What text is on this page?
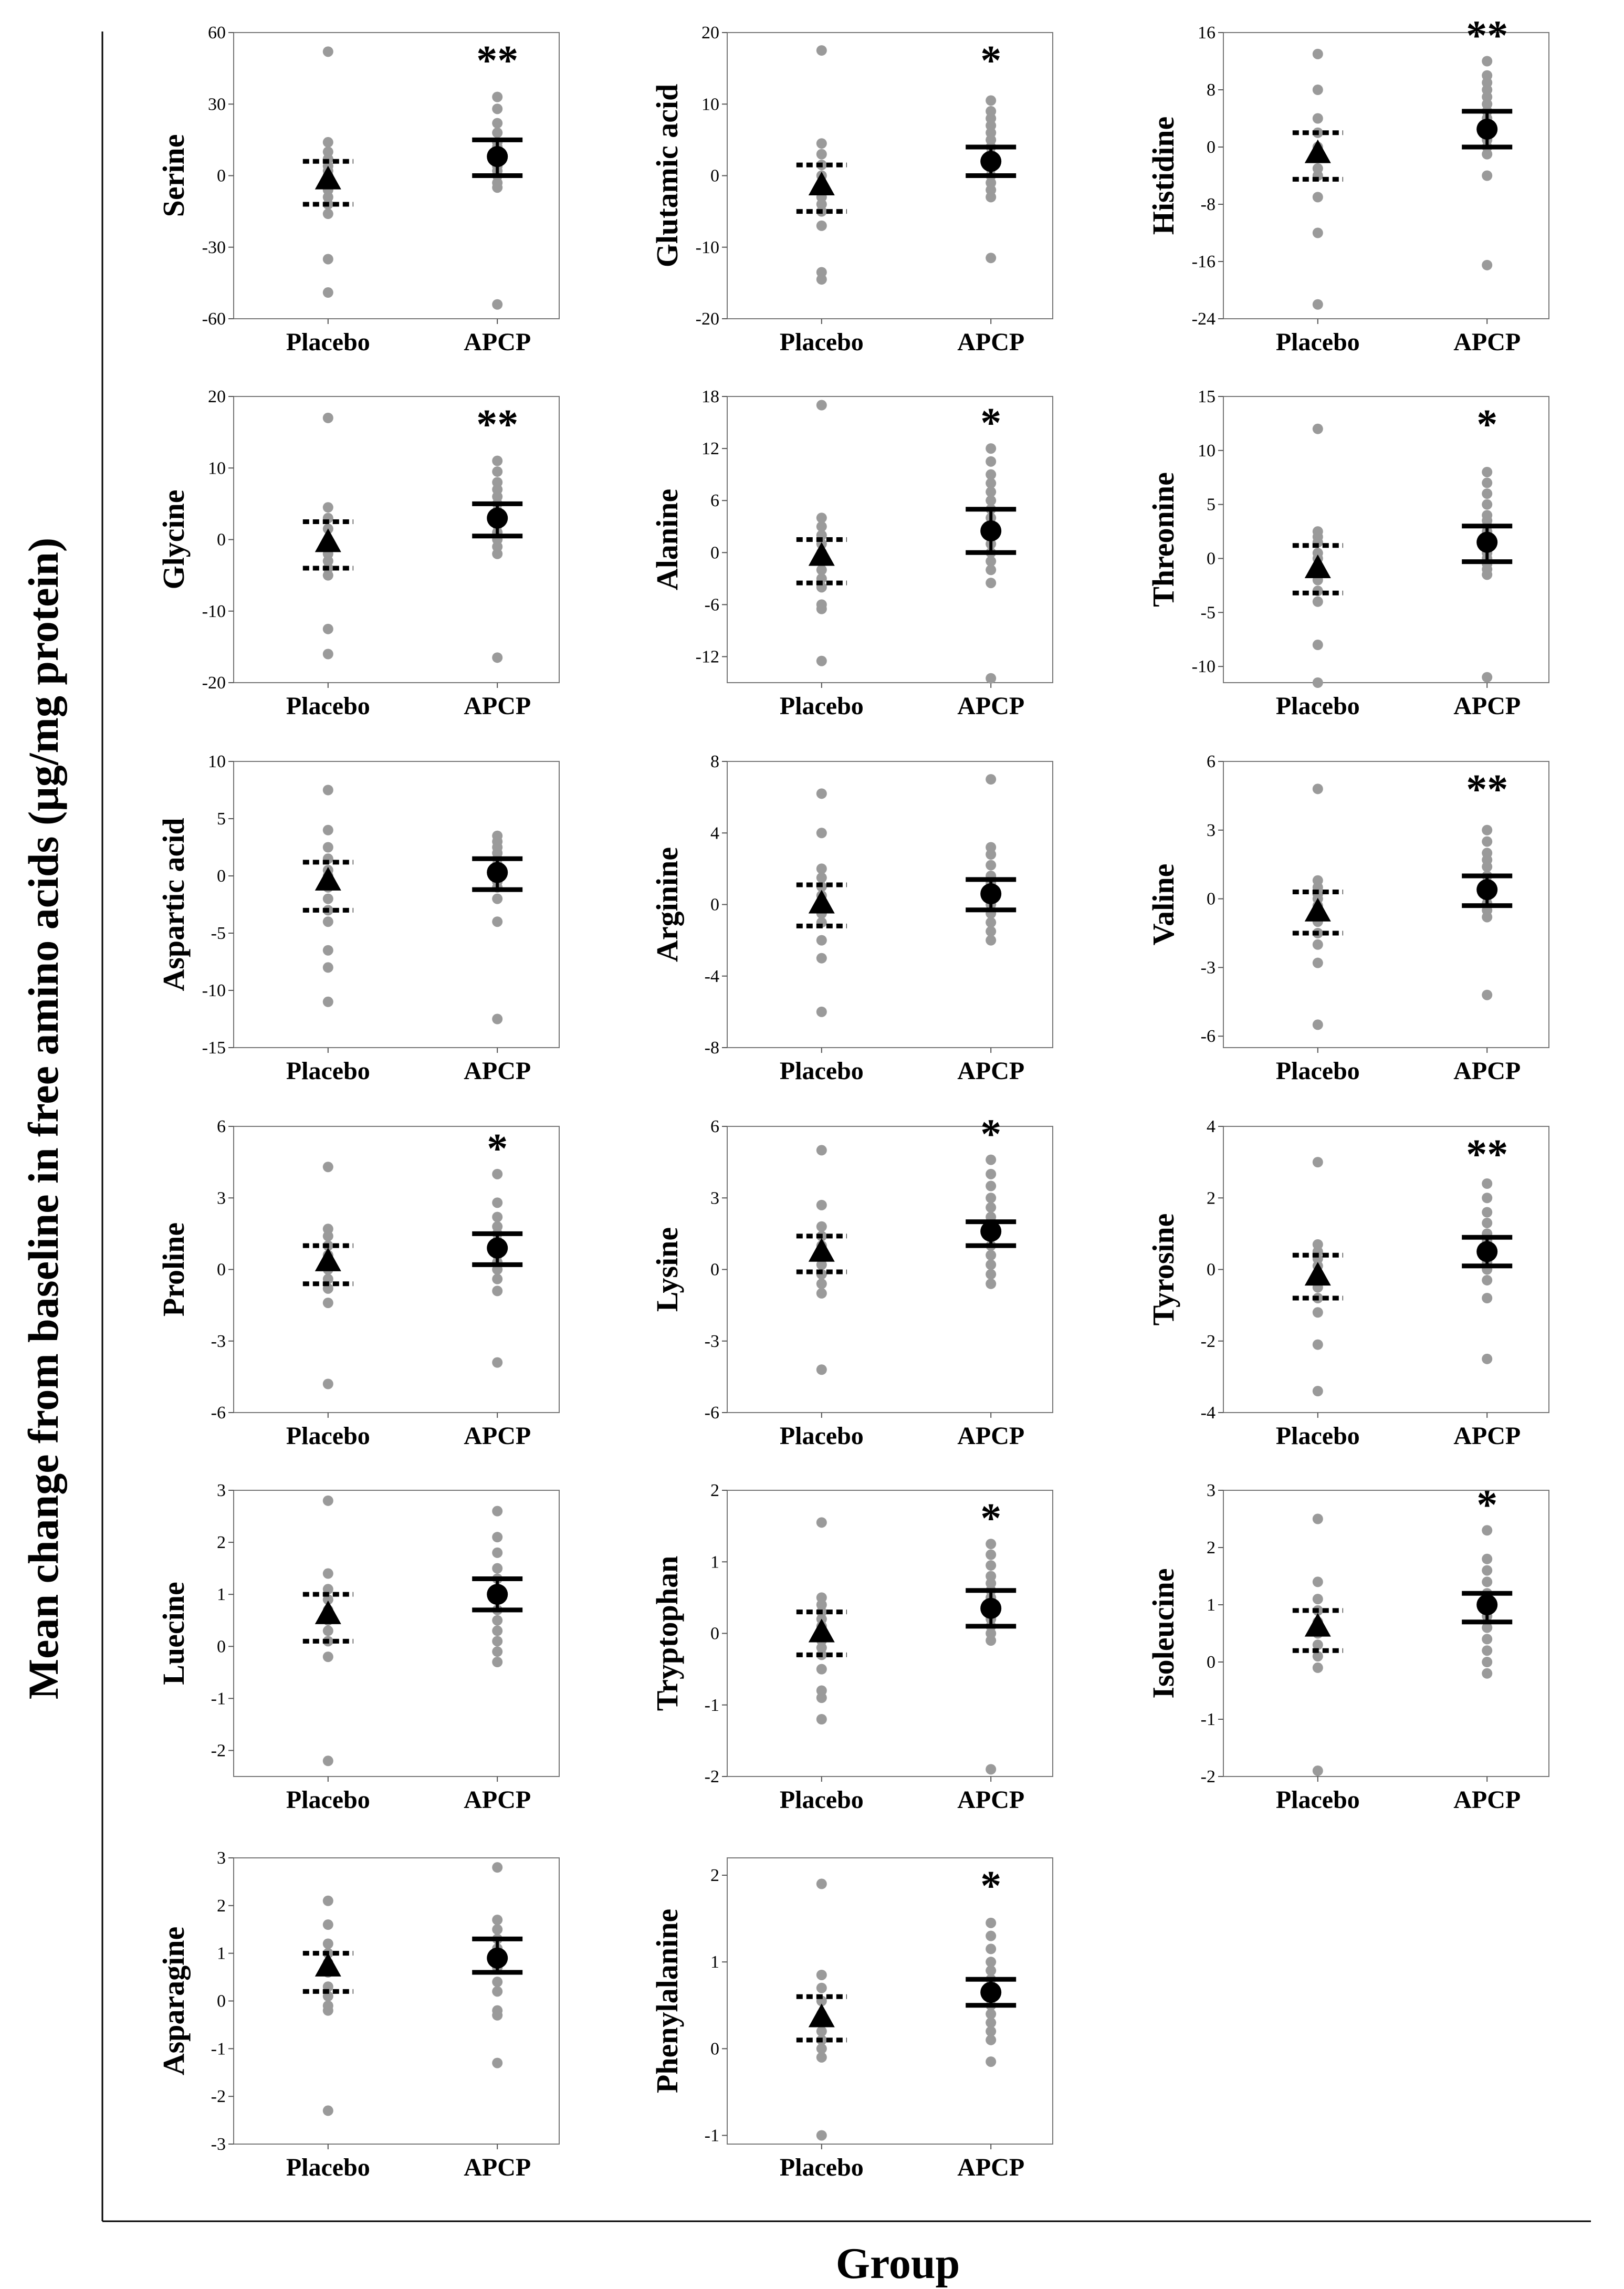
Mean change from baseline in free amino acids (μg/mg protein)
Group
-60
-30
0
30
60
Serine
Placebo	APCP
**
-20
-10
0
10
20
Glutamic acid
Placebo	APCP
*
-24
-16
-8
0
8
16
Histidine
Placebo	APCP
**
-20
-10
0
10
20
Glycine
Placebo	APCP
**
-12
-6
0
6
12
18
Alanine
Placebo	APCP
*
-10
-5
0
5
10
15
Threonine
Placebo	APCP
*
-15
-10
-5
0
5
10
Aspartic acid
Placebo	APCP
-8
-4
0
4
8
Arginine
Placebo	APCP
-6
-3
0
3
6
Valine
Placebo	APCP
**
-6
-3
0
3
6
Proline
Placebo	APCP
*
-6
-3
0
3
6
Lysine
Placebo	APCP
*
-4
-2
0
2
4
Tyrosine
Placebo	APCP
**
-2
-1
0
1
2
3
Luecine
Placebo	APCP
-2
-1
0
1
2
Tryptophan
Placebo	APCP
*
-2
-1
0
1
2
3
Isoleucine
Placebo	APCP
*
-3
-2
-1
0
1
2
3
Asparagine
Placebo	APCP
-1
0
1
2
Phenylalanine
Placebo	APCP
*
